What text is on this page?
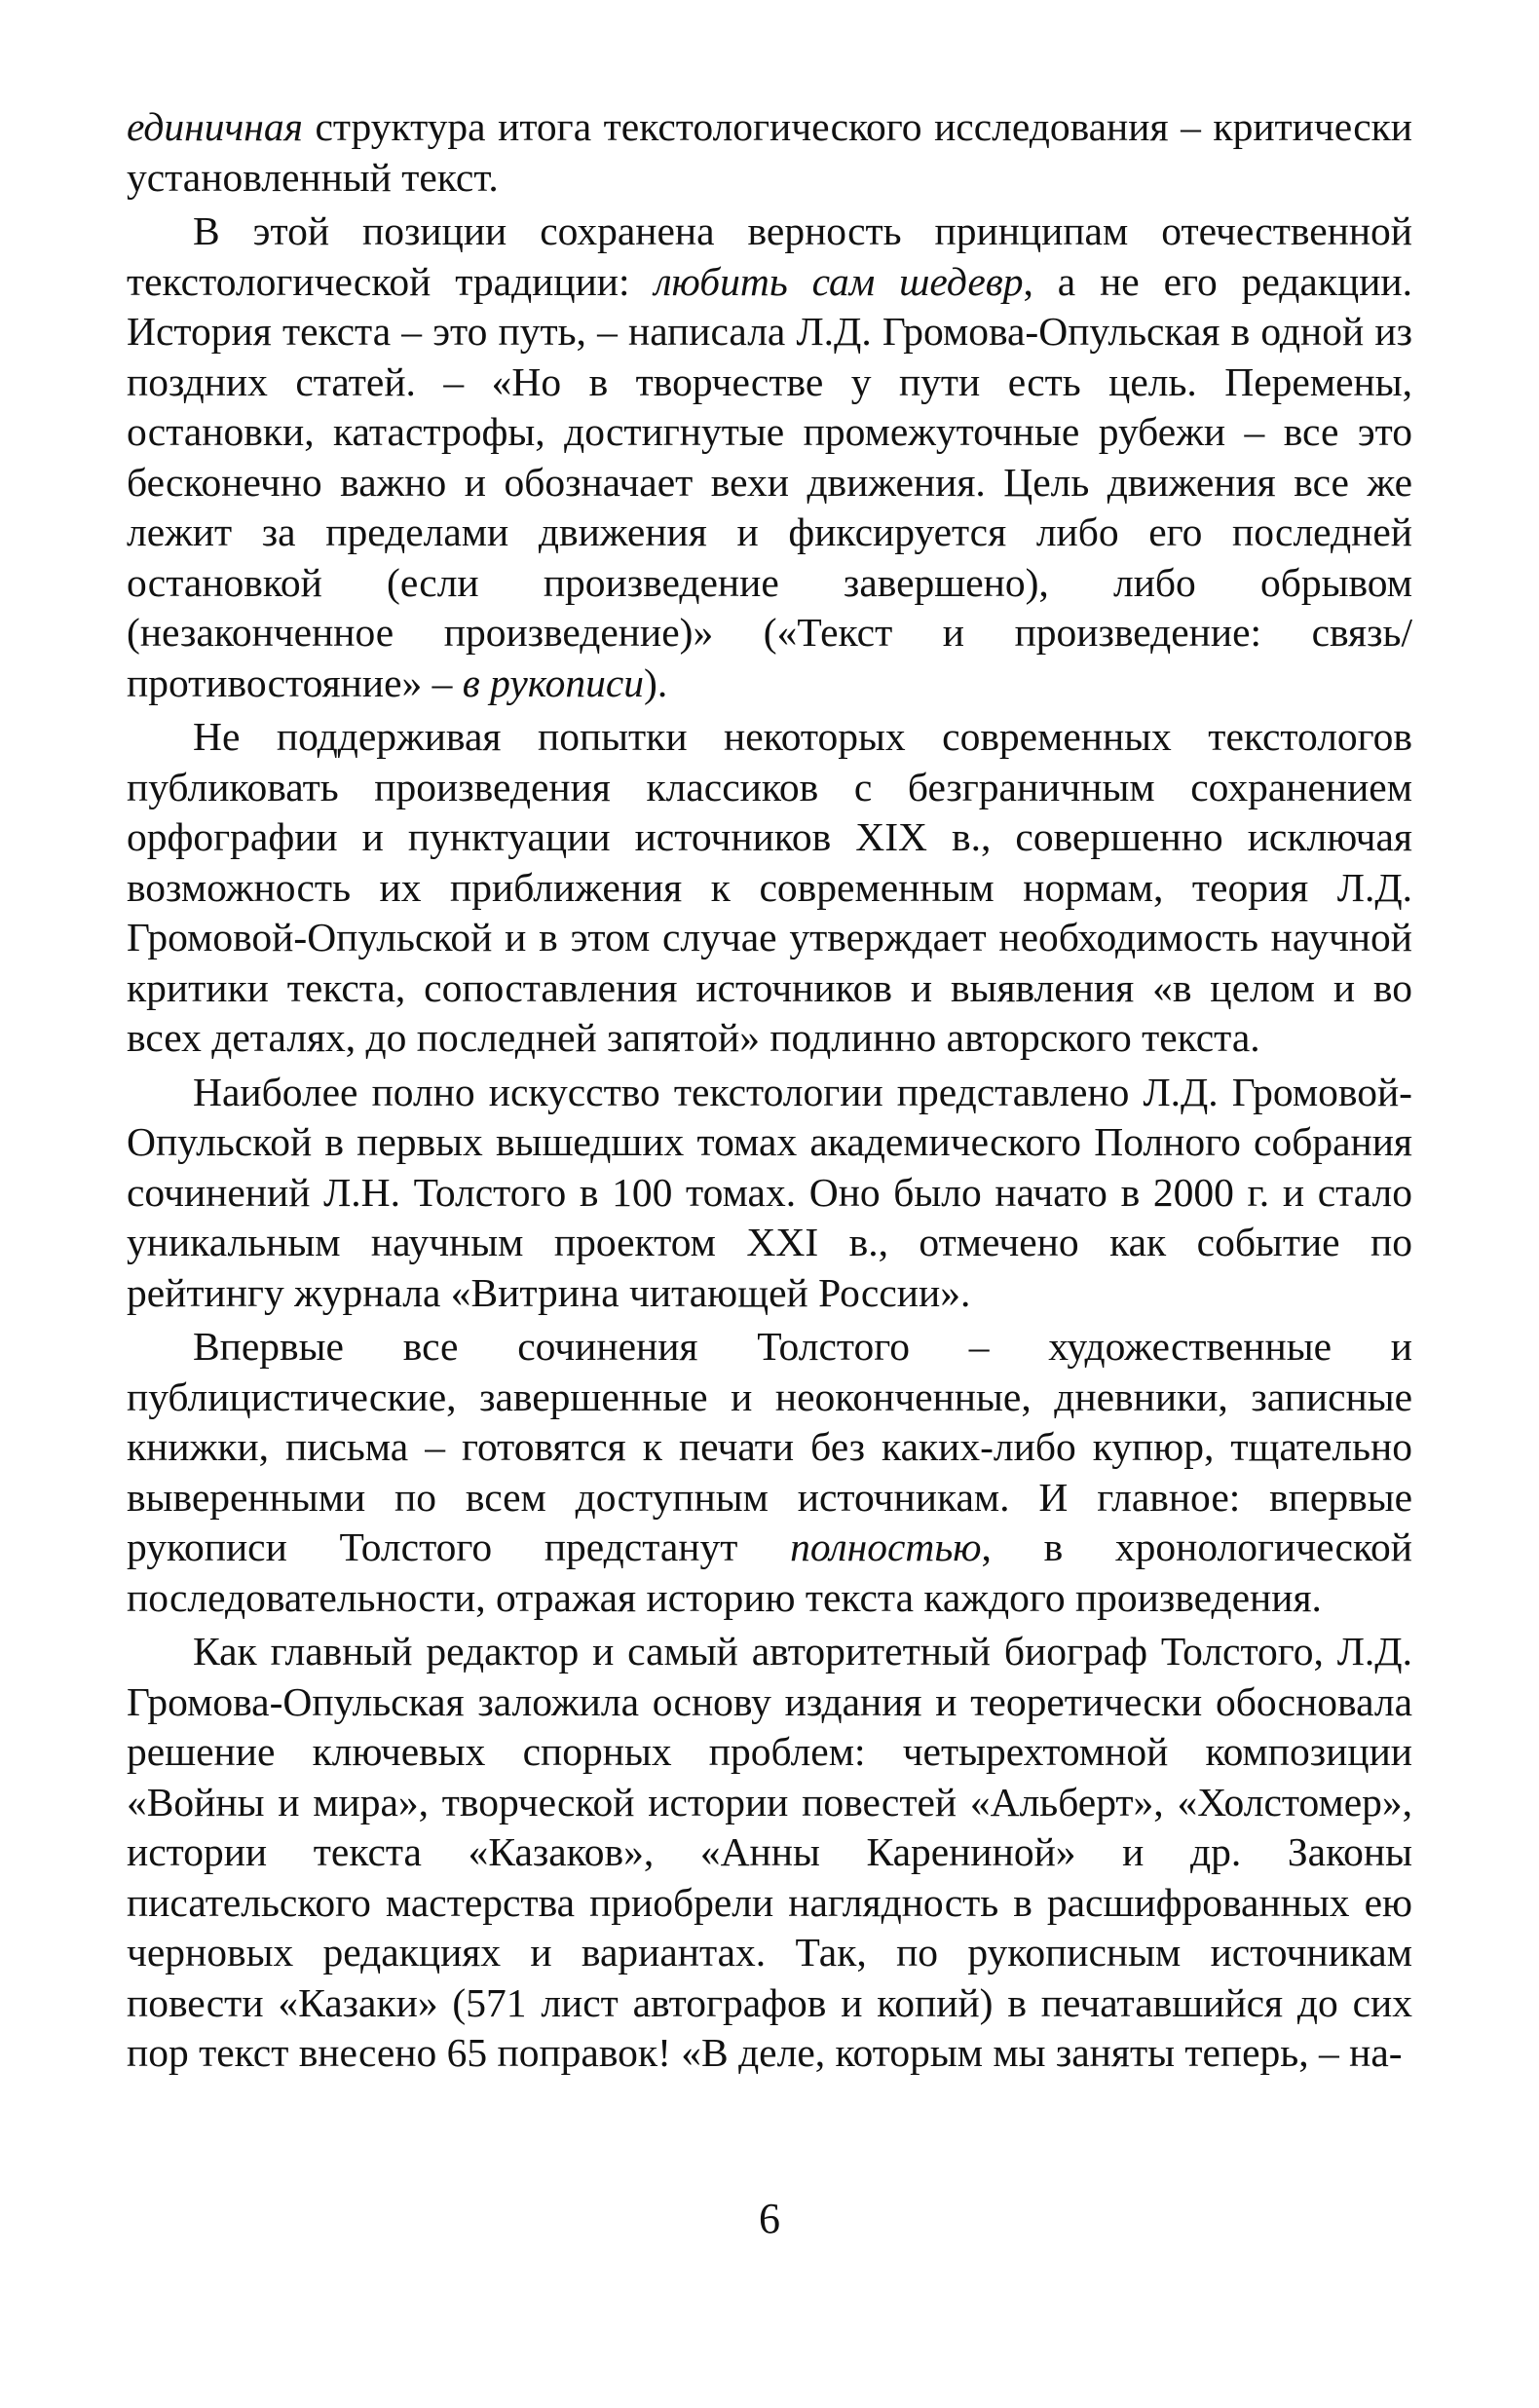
единичная структура итога текстологического исследования – критически установленный текст.

В этой позиции сохранена верность принципам отечественной текстологической традиции: любить сам шедевр, а не его редакции. История текста – это путь, – написала Л.Д. Громова-Опульская в одной из поздних статей. – «Но в творчестве у пути есть цель. Перемены, остановки, катастрофы, достигнутые промежуточные рубежи – все это бесконечно важно и обозначает вехи движения. Цель движения все же лежит за пределами движения и фиксируется либо его последней остановкой (если произведение завершено), либо обрывом (незаконченное произведение)» («Текст и произведение: связь/противостояние» – в рукописи).

Не поддерживая попытки некоторых современных текстологов публиковать произведения классиков с безграничным сохранением орфографии и пунктуации источников XIX в., совершенно исключая возможность их приближения к современным нормам, теория Л.Д. Громовой-Опульской и в этом случае утверждает необходимость научной критики текста, сопоставления источников и выявления «в целом и во всех деталях, до последней запятой» подлинно авторского текста.

Наиболее полно искусство текстологии представлено Л.Д. Громовой-Опульской в первых вышедших томах академического Полного собрания сочинений Л.Н. Толстого в 100 томах. Оно было начато в 2000 г. и стало уникальным научным проектом XXI в., отмечено как событие по рейтингу журнала «Витрина читающей России».

Впервые все сочинения Толстого – художественные и публицистические, завершенные и неоконченные, дневники, записные книжки, письма – готовятся к печати без каких-либо купюр, тщательно выверенными по всем доступным источникам. И главное: впервые рукописи Толстого предстанут полностью, в хронологической последовательности, отражая историю текста каждого произведения.

Как главный редактор и самый авторитетный биограф Толстого, Л.Д. Громова-Опульская заложила основу издания и теоретически обосновала решение ключевых спорных проблем: четырехтомной композиции «Войны и мира», творческой истории повестей «Альберт», «Холстомер», истории текста «Казаков», «Анны Карениной» и др. Законы писательского мастерства приобрели наглядность в расшифрованных ею черновых редакциях и вариантах. Так, по рукописным источникам повести «Казаки» (571 лист автографов и копий) в печатавшийся до сих пор текст внесено 65 поправок! «В деле, которым мы заняты теперь, – на-

6
